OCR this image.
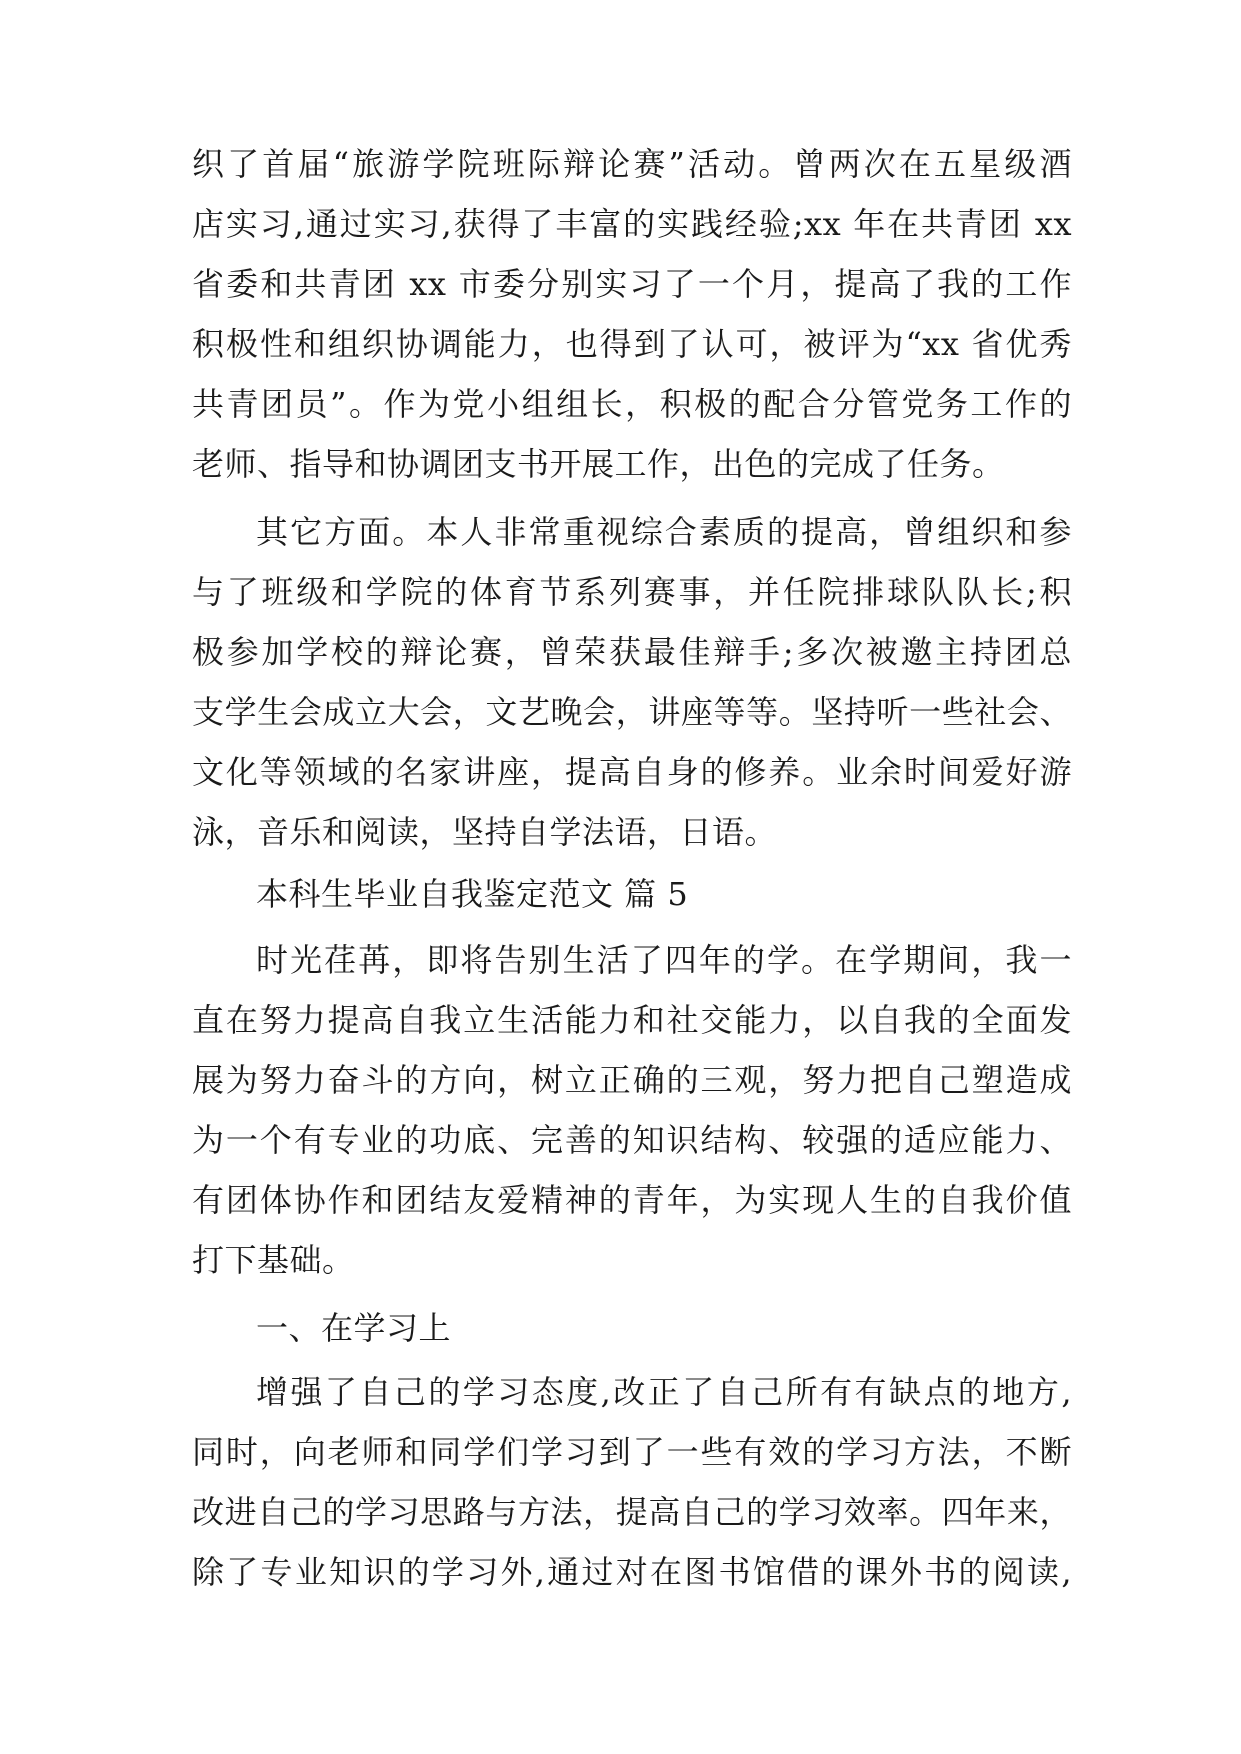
织了首届“旅游学院班际辩论赛”活动。曾两次在五星级酒
店实习,通过实习,获得了丰富的实践经验;xx 年在共青团 xx
省委和共青团 xx 市委分别实习了一个月，提高了我的工作
积极性和组织协调能力，也得到了认可，被评为“xx 省优秀
共青团员”。作为党小组组长，积极的配合分管党务工作的
老师、指导和协调团支书开展工作，出色的完成了任务。
其它方面。本人非常重视综合素质的提高，曾组织和参
与了班级和学院的体育节系列赛事，并任院排球队队长;积
极参加学校的辩论赛，曾荣获最佳辩手;多次被邀主持团总
支学生会成立大会，文艺晚会，讲座等等。坚持听一些社会、
文化等领域的名家讲座，提高自身的修养。业余时间爱好游
泳，音乐和阅读，坚持自学法语，日语。
本科生毕业自我鉴定范文 篇 5
时光荏苒，即将告别生活了四年的学。在学期间，我一
直在努力提高自我立生活能力和社交能力，以自我的全面发
展为努力奋斗的方向，树立正确的三观，努力把自己塑造成
为一个有专业的功底、完善的知识结构、较强的适应能力、
有团体协作和团结友爱精神的青年，为实现人生的自我价值
打下基础。
一、在学习上
增强了自己的学习态度,改正了自己所有有缺点的地方,
同时，向老师和同学们学习到了一些有效的学习方法，不断
改进自己的学习思路与方法，提高自己的学习效率。四年来，
除了专业知识的学习外,通过对在图书馆借的课外书的阅读,
